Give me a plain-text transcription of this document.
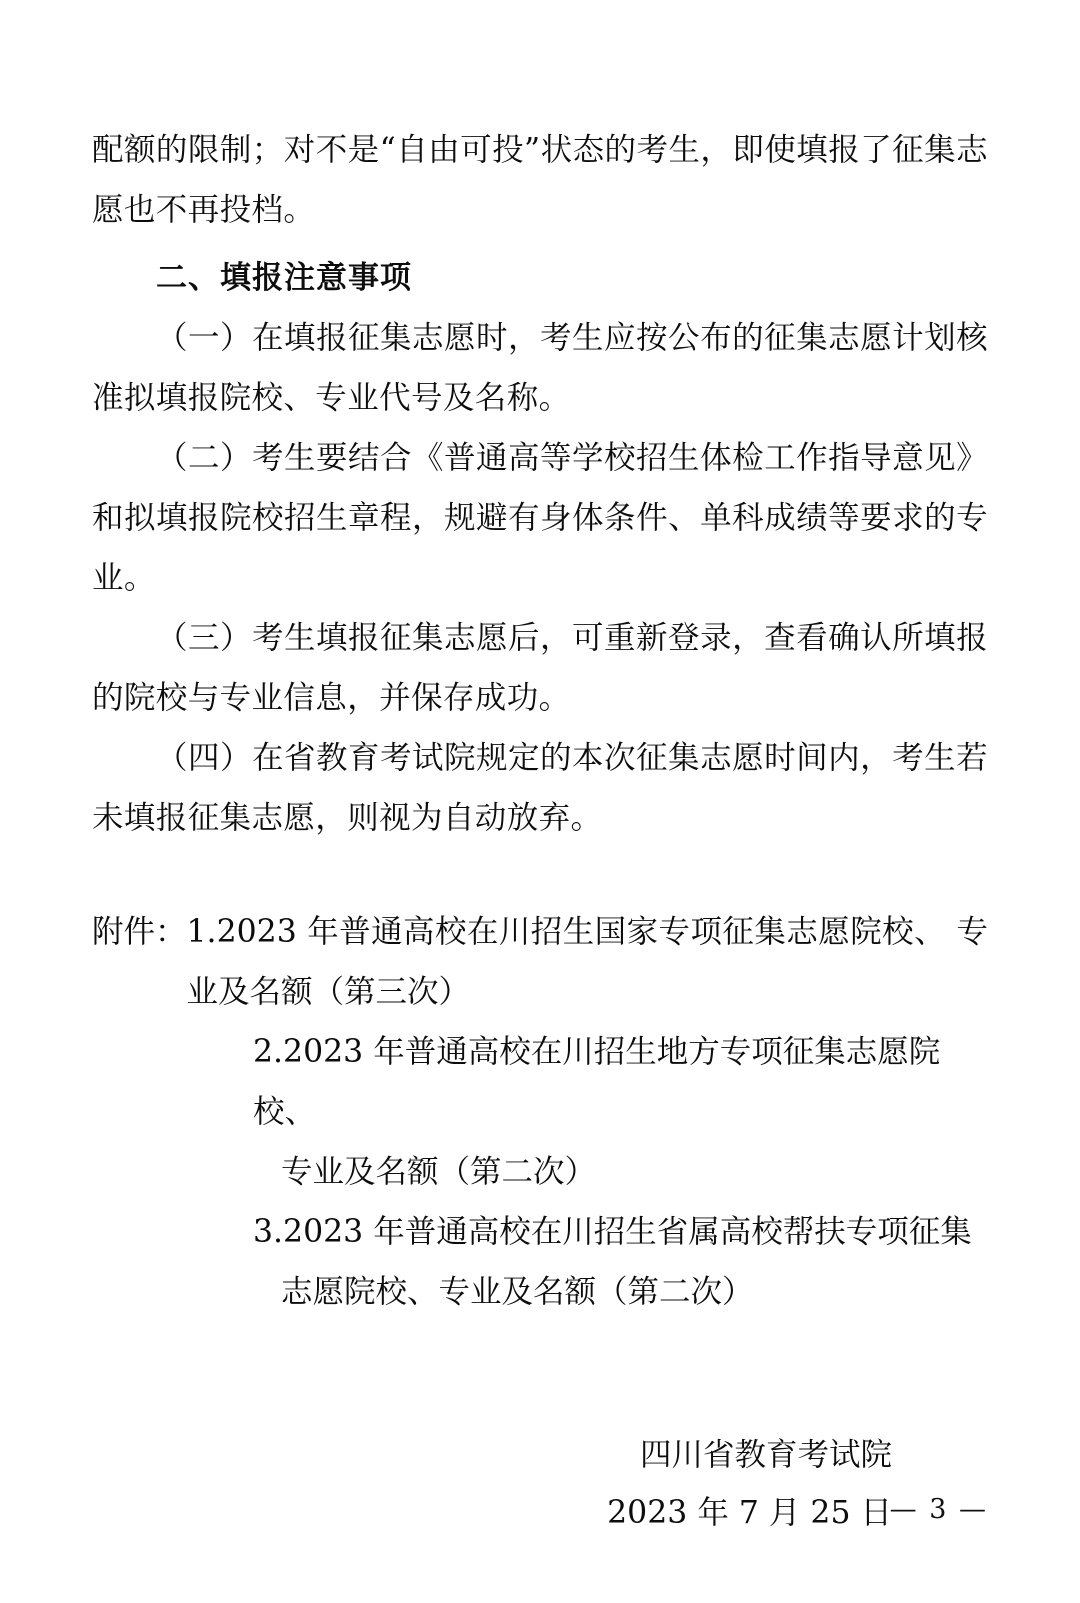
配额的限制；对不是“自由可投”状态的考生，即使填报了征集志愿也不再投档。

二、填报注意事项

（一）在填报征集志愿时，考生应按公布的征集志愿计划核准拟填报院校、专业代号及名称。

（二）考生要结合《普通高等学校招生体检工作指导意见》和拟填报院校招生章程，规避有身体条件、单科成绩等要求的专业。

（三）考生填报征集志愿后，可重新登录，查看确认所填报的院校与专业信息，并保存成功。

（四）在省教育考试院规定的本次征集志愿时间内，考生若未填报征集志愿，则视为自动放弃。

附件： 1.2023 年普通高校在川招生国家专项征集志愿院校、 专业及名额（第三次）
2.2023 年普通高校在川招生地方专项征集志愿院校、
专业及名额（第二次）
3.2023 年普通高校在川招生省属高校帮扶专项征集
志愿院校、专业及名额（第二次）
四川省教育考试院
2023 年 7 月 25 日
— 3 —
